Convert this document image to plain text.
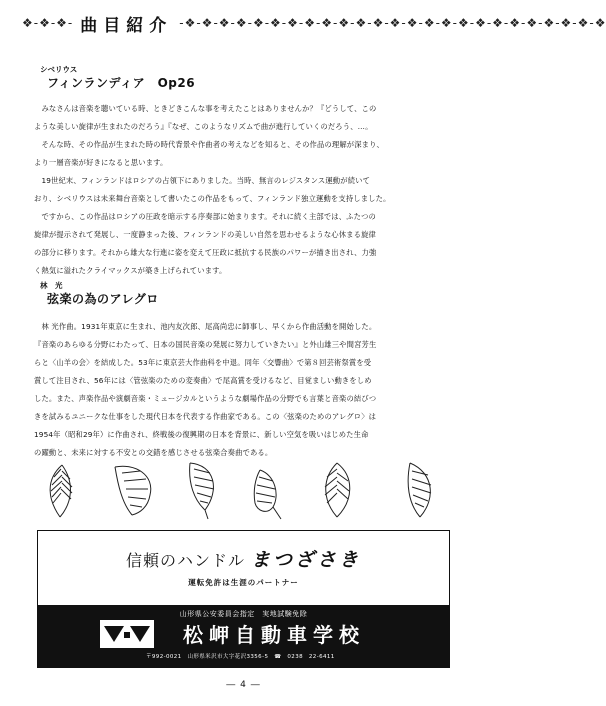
❖-❖-❖- 曲目紹介 -❖-❖-❖-❖-❖-❖-❖-❖-❖-❖-❖-❖-❖-❖-❖-❖-❖-❖-❖-❖-❖-❖-❖-❖-❖
シベリウス
フィンランディア　Op26
　みなさんは音楽を聴いている時、ときどきこんな事を考えたことはありませんか？『どうして、この
ような美しい旋律が生まれたのだろう』『なぜ、このようなリズムで曲が進行していくのだろう、…。
　そんな時、その作品が生まれた時の時代背景や作曲者の考えなどを知ると、その作品の理解が深まり、
より一層音楽が好きになると思います。
　19世紀末、フィンランドはロシアの占領下にありました。当時、無言のレジスタンス運動が続いて
おり、シベリウスは未来舞台音楽として書いたこの作品をもって、フィンランド独立運動を支持しました。
　ですから、この作品はロシアの圧政を暗示する序奏部に始まります。それに続く主部では、ふたつの
旋律が提示されて発展し、一度静まった後、フィンランドの美しい自然を思わせるような心休まる旋律
の部分に移ります。それから雄大な行進に姿を変えて圧政に抵抗する民族のパワーが描き出され、力強
く熱気に溢れたクライマックスが築き上げられています。
林　光
弦楽の為のアレグロ
　林 光作曲。1931年東京に生まれ、池内友次郎、尾高尚忠に師事し、早くから作曲活動を開始した。
『音楽のあらゆる分野にわたって、日本の国民音楽の発展に努力していきたい』と外山雄三や間宮芳生
らと〈山羊の会〉を結成した。53年に東京芸大作曲科を中退。同年〈交響曲〉で第８回芸術祭賞を受
賞して注目され、56年には〈管弦楽のための変奏曲〉で尾高賞を受けるなど、目覚ましい動きをしめ
した。また、声楽作品や演劇音楽・ミュージカルというような劇場作品の分野でも言葉と音楽の結びつ
きを試みるユニークな仕事をした現代日本を代表する作曲家である。この〈弦楽のためのアレグロ〉は
1954年（昭和29年）に作曲され、終戦後の復興期の日本を背景に、新しい空気を吸いはじめた生命
の躍動と、未来に対する不安との交錯を感じさせる弦楽合奏曲である。
信頼のハンドル まつざさき
運転免許は生涯のパートナー
山形県公安委員会指定　実地試験免除
松岬自動車学校
〒992-0021　山形県米沢市大字花沢3356-5　☎　0238　22-6411
― 4 ―
